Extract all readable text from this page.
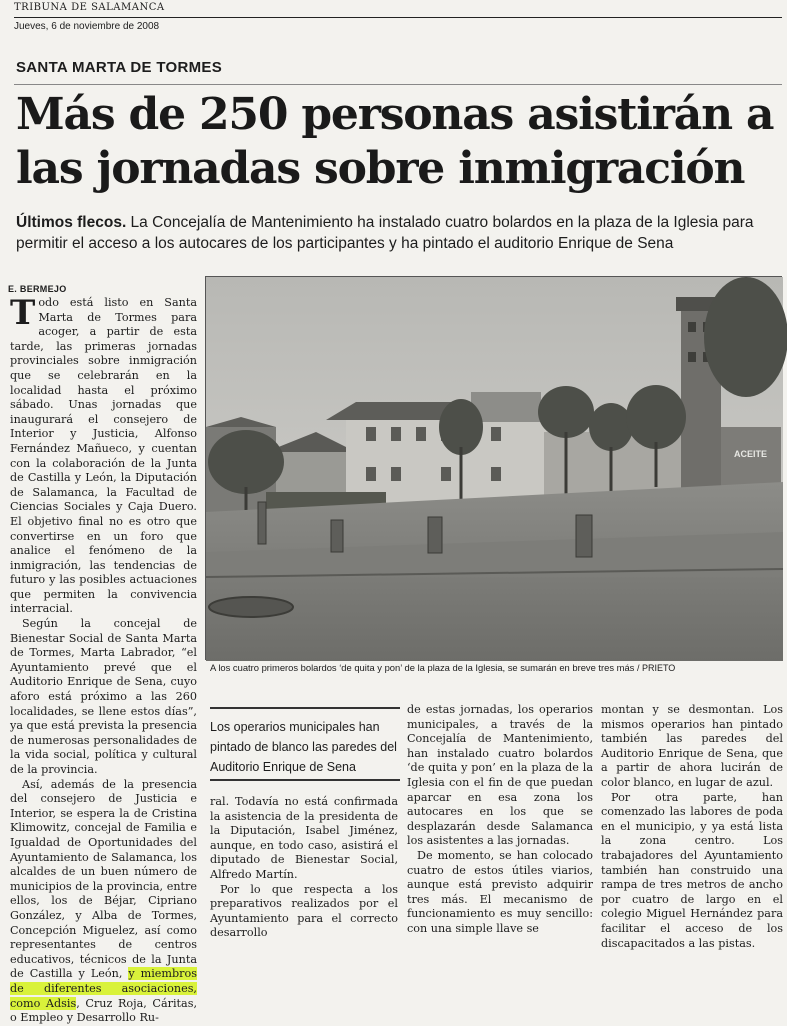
TRIBUNA DE SALAMANCA
Jueves, 6 de noviembre de 2008
SANTA MARTA DE TORMES
Más de 250 personas asistirán a las jornadas sobre inmigración
Últimos flecos. La Concejalía de Mantenimiento ha instalado cuatro bolardos en la plaza de la Iglesia para permitir el acceso a los autocares de los participantes y ha pintado el auditorio Enrique de Sena
E. BERMEJO

Todo está listo en Santa Marta de Tormes para acoger, a partir de esta tarde, las primeras jornadas provinciales sobre inmigración que se celebrarán en la localidad hasta el próximo sábado. Unas jornadas que inaugurará el consejero de Interior y Justicia, Alfonso Fernández Mañueco, y cuentan con la colaboración de la Junta de Castilla y León, la Diputación de Salamanca, la Facultad de Ciencias Sociales y Caja Duero. El objetivo final no es otro que convertirse en un foro que analice el fenómeno de la inmigración, las tendencias de futuro y las posibles actuaciones que permiten la convivencia interracial.

Según la concejal de Bienestar Social de Santa Marta de Tormes, Marta Labrador, “el Ayuntamiento prevé que el Auditorio Enrique de Sena, cuyo aforo está próximo a las 260 localidades, se llene estos días”, ya que está prevista la presencia de numerosas personalidades de la vida social, política y cultural de la provincia.

Así, además de la presencia del consejero de Justicia e Interior, se espera la de Cristina Klimowitz, concejal de Familia e Igualdad de Oportunidades del Ayuntamiento de Salamanca, los alcaldes de un buen número de municipios de la provincia, entre ellos, los de Béjar, Cipriano González, y Alba de Tormes, Concepción Miguelez, así como representantes de centros educativos, técnicos de la Junta de Castilla y León, y miembros de diferentes asociaciones, como Adsis, Cruz Roja, Cáritas, o Empleo y Desarrollo Ru-

ACEITE
A los cuatro primeros bolardos ‘de quita y pon’ de la plaza de la Iglesia, se sumarán en breve tres más / PRIETO
Los operarios municipales han pintado de blanco las paredes del Auditorio Enrique de Sena

ral. Todavía no está confirmada la asistencia de la presidenta de la Diputación, Isabel Jiménez, aunque, en todo caso, asistirá el diputado de Bienestar Social, Alfredo Martín.

Por lo que respecta a los preparativos realizados por el Ayuntamiento para el correcto desarrollo

de estas jornadas, los operarios municipales, a través de la Concejalía de Mantenimiento, han instalado cuatro bolardos ‘de quita y pon’ en la plaza de la Iglesia con el fin de que puedan aparcar en esa zona los autocares en los que se desplazarán desde Salamanca los asistentes a las jornadas.

De momento, se han colocado cuatro de estos útiles viarios, aunque está previsto adquirir tres más. El mecanismo de funcionamiento es muy sencillo: con una simple llave se

montan y se desmontan. Los mismos operarios han pintado también las paredes del Auditorio Enrique de Sena, que a partir de ahora lucirán de color blanco, en lugar de azul.

Por otra parte, han comenzado las labores de poda en el municipio, y ya está lista la zona centro. Los trabajadores del Ayuntamiento también han construido una rampa de tres metros de ancho por cuatro de largo en el colegio Miguel Hernández para facilitar el acceso de los discapacitados a las pistas.
